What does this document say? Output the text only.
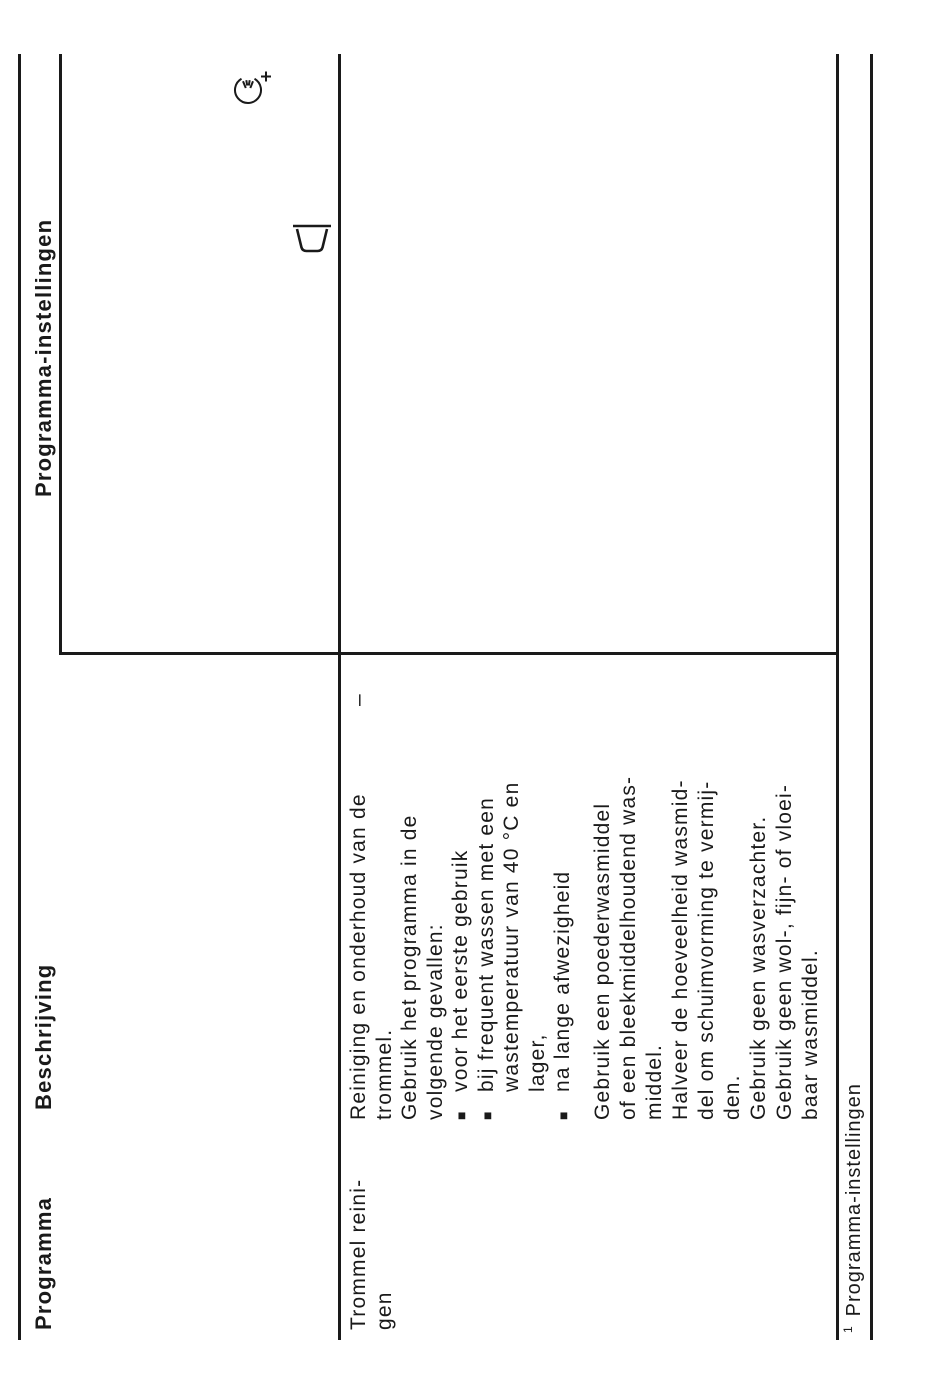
Programma
Beschrijving
Programma-instellingen
Trommel reini- gen
Reiniging en onderhoud van de trommel. Gebruik het programma in de volgende gevallen: ■voor het eerste gebruik
■bij frequent wassen met een wastemperatuur van 40 °C en lager,
■na lange afwezigheid Gebruik een poederwasmiddel of een bleekmiddelhoudend was- middel. Halveer de hoeveelheid wasmid- del om schuimvorming te vermij- den. Gebruik geen wasverzachter. Gebruik geen wol-, fijn- of vloei- baar wasmiddel.
–
$^1$Programma-instellingen
